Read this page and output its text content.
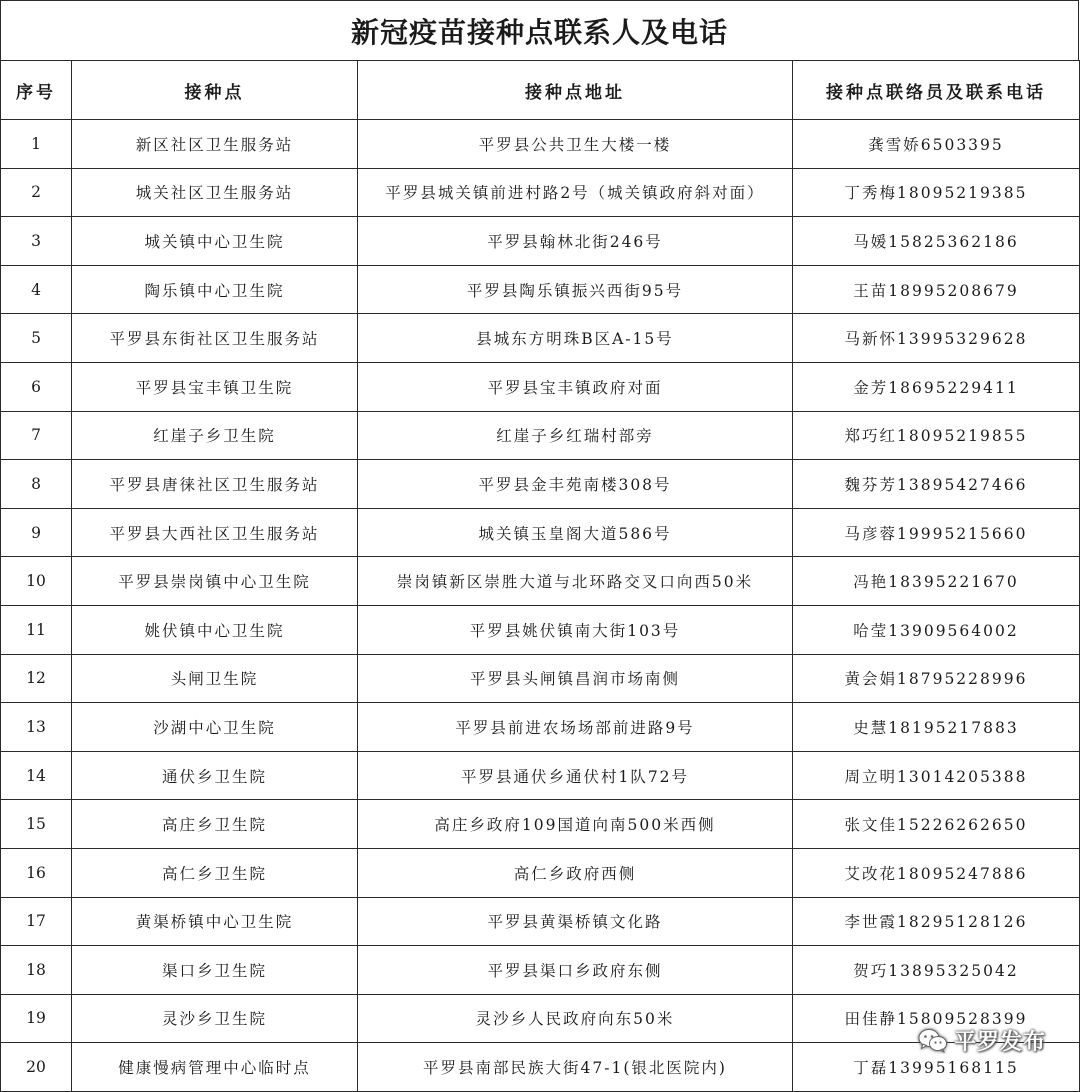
新冠疫苗接种点联系人及电话
序号	接种点	接种点地址	接种点联络员及联系电话
1	新区社区卫生服务站	平罗县公共卫生大楼一楼	龚雪娇6503395
2	城关社区卫生服务站	平罗县城关镇前进村路2号（城关镇政府斜对面）	丁秀梅18095219385
3	城关镇中心卫生院	平罗县翰林北街246号	马媛15825362186
4	陶乐镇中心卫生院	平罗县陶乐镇振兴西街95号	王苗18995208679
5	平罗县东街社区卫生服务站	县城东方明珠B区A-15号	马新怀13995329628
6	平罗县宝丰镇卫生院	平罗县宝丰镇政府对面	金芳18695229411
7	红崖子乡卫生院	红崖子乡红瑞村部旁	郑巧红18095219855
8	平罗县唐徕社区卫生服务站	平罗县金丰苑南楼308号	魏芬芳13895427466
9	平罗县大西社区卫生服务站	城关镇玉皇阁大道586号	马彦蓉19995215660
10	平罗县崇岗镇中心卫生院	崇岗镇新区崇胜大道与北环路交叉口向西50米	冯艳18395221670
11	姚伏镇中心卫生院	平罗县姚伏镇南大街103号	哈莹13909564002
12	头闸卫生院	平罗县头闸镇昌润市场南侧	黄会娟18795228996
13	沙湖中心卫生院	平罗县前进农场场部前进路9号	史慧18195217883
14	通伏乡卫生院	平罗县通伏乡通伏村1队72号	周立明13014205388
15	高庄乡卫生院	高庄乡政府109国道向南500米西侧	张文佳15226262650
16	高仁乡卫生院	高仁乡政府西侧	艾改花18095247886
17	黄渠桥镇中心卫生院	平罗县黄渠桥镇文化路	李世霞18295128126
18	渠口乡卫生院	平罗县渠口乡政府东侧	贺巧13895325042
19	灵沙乡卫生院	灵沙乡人民政府向东50米	田佳静15809528399
20	健康慢病管理中心临时点	平罗县南部民族大街47-1(银北医院内)	丁磊13995168115
平罗发布
